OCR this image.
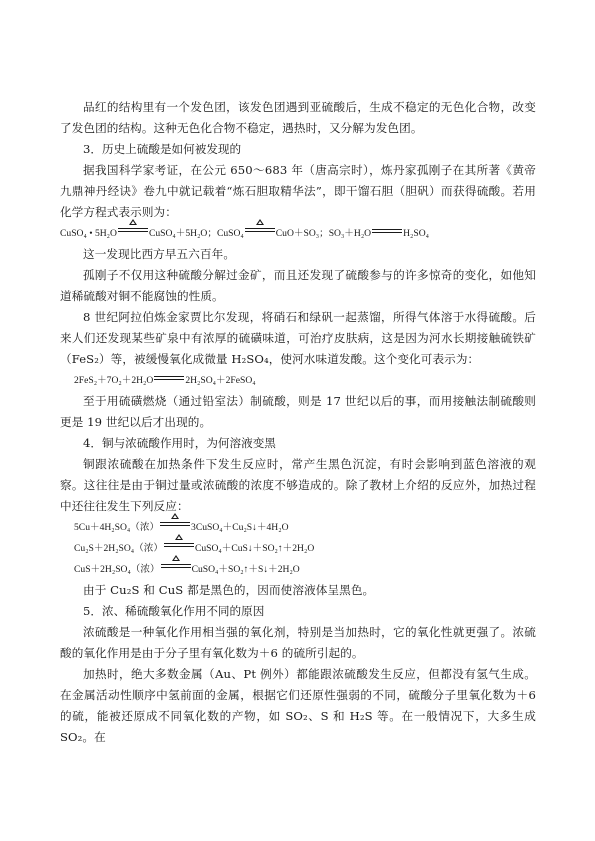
品红的结构里有一个发色团，该发色团遇到亚硫酸后，生成不稳定的无色化合物，改变了发色团的结构。这种无色化合物不稳定，遇热时，又分解为发色团。

3．历史上硫酸是如何被发现的

据我国科学家考证，在公元 650～683 年（唐高宗时），炼丹家孤刚子在其所著《黄帝九鼎神丹经诀》卷九中就记载着“炼石胆取精华法”，即干馏石胆（胆矾）而获得硫酸。若用化学方程式表示则为：

CuSO₄ • 5H₂O	CuSO₄＋5H₂O；CuSO₄	CuO＋SO₃；SO₃＋H₂O	H₂SO₄

这一发现比西方早五六百年。

孤刚子不仅用这种硫酸分解过金矿，而且还发现了硫酸参与的许多惊奇的变化，如他知道稀硫酸对铜不能腐蚀的性质。

8 世纪阿拉伯炼金家贾比尔发现，将硝石和绿矾一起蒸馏，所得气体溶于水得硫酸。后来人们还发现某些矿泉中有浓厚的硫磺味道，可治疗皮肤病，这是因为河水长期接触硫铁矿（FeS₂）等，被缓慢氧化成微量 H₂SO₄，使河水味道发酸。这个变化可表示为：

2FeS₂＋7O₂＋2H₂O	2H₂SO₄＋2FeSO₄

至于用硫磺燃烧（通过铅室法）制硫酸，则是 17 世纪以后的事，而用接触法制硫酸则更是 19 世纪以后才出现的。

4．铜与浓硫酸作用时，为何溶液变黑

铜跟浓硫酸在加热条件下发生反应时，常产生黑色沉淀，有时会影响到蓝色溶液的观察。这往往是由于铜过量或浓硫酸的浓度不够造成的。除了教材上介绍的反应外，加热过程中还往往发生下列反应：

5Cu＋4H₂SO₄（浓）	3CuSO₄＋Cu₂S↓＋4H₂O

Cu₂S＋2H₂SO₄（浓）	CuSO₄＋CuS↓＋SO₂↑＋2H₂O

CuS＋2H₂SO₄（浓）	CuSO₄＋SO₂↑＋S↓＋2H₂O

由于 Cu₂S 和 CuS 都是黑色的，因而使溶液体呈黑色。

5．浓、稀硫酸氧化作用不同的原因

浓硫酸是一种氧化作用相当强的氧化剂，特别是当加热时，它的氧化性就更强了。浓硫酸的氧化作用是由于分子里有氧化数为＋6 的硫所引起的。

加热时，绝大多数金属（Au、Pt 例外）都能跟浓硫酸发生反应，但都没有氢气生成。在金属活动性顺序中氢前面的金属，根据它们还原性强弱的不同，硫酸分子里氧化数为＋6 的硫，能被还原成不同氧化数的产物，如 SO₂、S 和 H₂S 等。在一般情况下，大多生成 SO₂。在
